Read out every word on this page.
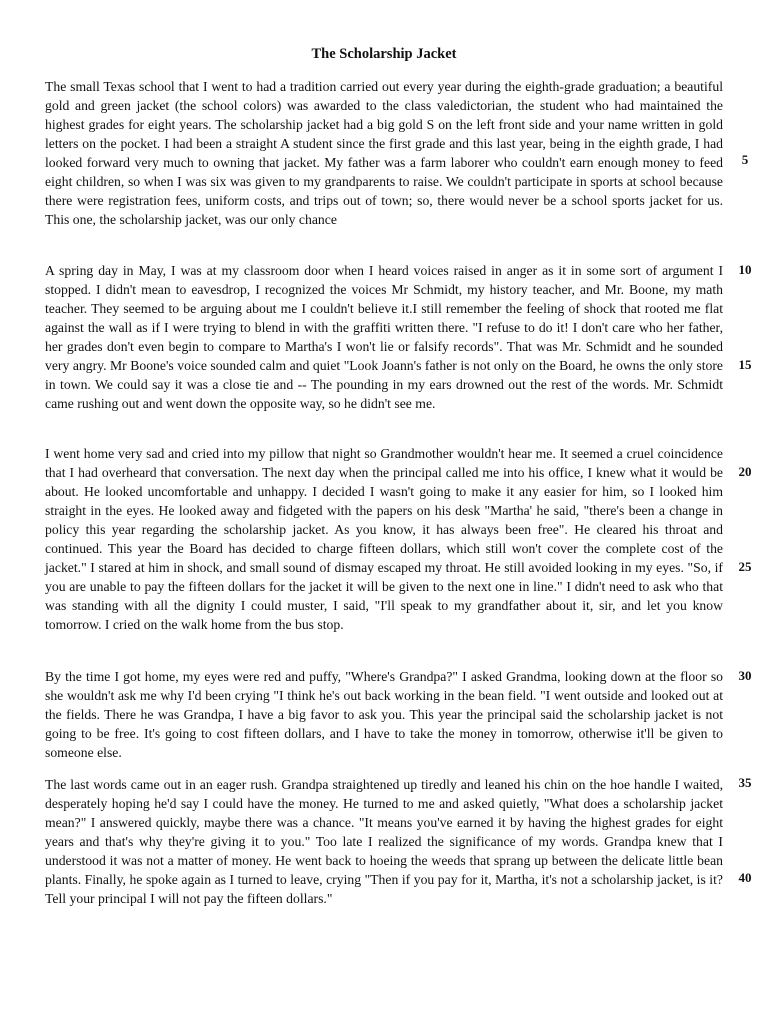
The Scholarship Jacket

The small Texas school that I went to had a tradition carried out every year during the eighth-grade graduation; a beautiful gold and green jacket (the school colors) was awarded to the class valedictorian, the student who had maintained the highest grades for eight years. The scholarship jacket had a big gold S on the left front side and your name written in gold letters on the pocket. I had been a straight A student since the first grade and this last year, being in the eighth grade, I had looked forward very much to owning that jacket. My father was a farm laborer who couldn't earn enough money to feed eight children, so when I was six was given to my grandparents to raise. We couldn't participate in sports at school because there were registration fees, uniform costs, and trips out of town; so, there would never be a school sports jacket for us. This one, the scholarship jacket, was our only chance

A spring day in May, I was at my classroom door when I heard voices raised in anger as it in some sort of argument I stopped. I didn't mean to eavesdrop, I recognized the voices Mr Schmidt, my history teacher, and Mr. Boone, my math teacher. They seemed to be arguing about me I couldn't believe it.I still remember the feeling of shock that rooted me flat against the wall as if I were trying to blend in with the graffiti written there. "I refuse to do it! I don't care who her father, her grades don't even begin to compare to Martha's I won't lie or falsify records". That was Mr. Schmidt and he sounded very angry. Mr Boone's voice sounded calm and quiet "Look Joann's father is not only on the Board, he owns the only store in town. We could say it was a close tie and -- The pounding in my ears drowned out the rest of the words. Mr. Schmidt came rushing out and went down the opposite way, so he didn't see me.

I went home very sad and cried into my pillow that night so Grandmother wouldn't hear me. It seemed a cruel coincidence that I had overheard that conversation. The next day when the principal called me into his office, I knew what it would be about. He looked uncomfortable and unhappy. I decided I wasn't going to make it any easier for him, so I looked him straight in the eyes. He looked away and fidgeted with the papers on his desk "Martha' he said, "there's been a change in policy this year regarding the scholarship jacket. As you know, it has always been free". He cleared his throat and continued. This year the Board has decided to charge fifteen dollars, which still won't cover the complete cost of the jacket." I stared at him in shock, and small sound of dismay escaped my throat. He still avoided looking in my eyes. "So, if you are unable to pay the fifteen dollars for the jacket it will be given to the next one in line." I didn't need to ask who that was standing with all the dignity I could muster, I said, "I'll speak to my grandfather about it, sir, and let you know tomorrow. I cried on the walk home from the bus stop.

By the time I got home, my eyes were red and puffy, "Where's Grandpa?" I asked Grandma, looking down at the floor so she wouldn't ask me why I'd been crying "I think he's out back working in the bean field. "I went outside and looked out at the fields. There he was Grandpa, I have a big favor to ask you. This year the principal said the scholarship jacket is not going to be free. It's going to cost fifteen dollars, and I have to take the money in tomorrow, otherwise it'll be given to someone else.

The last words came out in an eager rush. Grandpa straightened up tiredly and leaned his chin on the hoe handle I waited, desperately hoping he'd say I could have the money. He turned to me and asked quietly, "What does a scholarship jacket mean?" I answered quickly, maybe there was a chance. "It means you've earned it by having the highest grades for eight years and that's why they're giving it to you." Too late I realized the significance of my words. Grandpa knew that I understood it was not a matter of money. He went back to hoeing the weeds that sprang up between the delicate little bean plants. Finally, he spoke again as I turned to leave, crying "Then if you pay for it, Martha, it's not a scholarship jacket, is it? Tell your principal I will not pay the fifteen dollars."

5
10
15
20
25
30
35
40
